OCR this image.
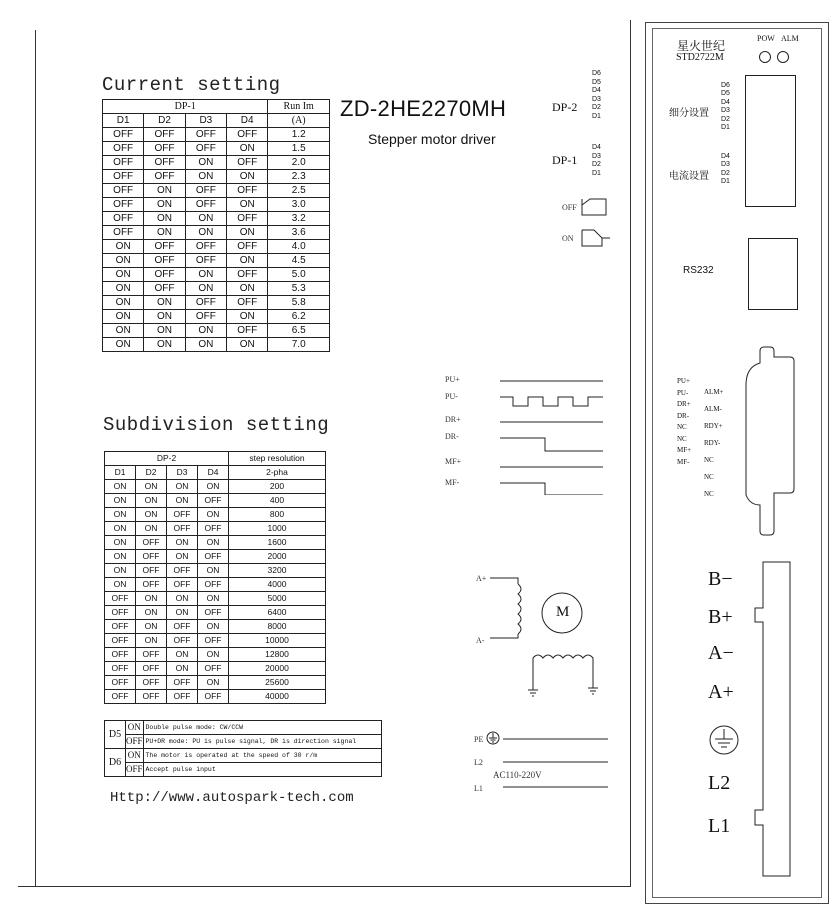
Current setting
DP-1				Run Im
D1	D2	D3	D4	(A)
OFF	OFF	OFF	OFF	1.2
OFF	OFF	OFF	ON	1.5
OFF	OFF	ON	OFF	2.0
OFF	OFF	ON	ON	2.3
OFF	ON	OFF	OFF	2.5
OFF	ON	OFF	ON	3.0
OFF	ON	ON	OFF	3.2
OFF	ON	ON	ON	3.6
ON	OFF	OFF	OFF	4.0
ON	OFF	OFF	ON	4.5
ON	OFF	ON	OFF	5.0
ON	OFF	ON	ON	5.3
ON	ON	OFF	OFF	5.8
ON	ON	OFF	ON	6.2
ON	ON	ON	OFF	6.5
ON	ON	ON	ON	7.0
ZD-2HE2270MH
Stepper motor driver
DP-2
D6
D5
D4
D3
D2
D1
DP-1
D4
D3
D2
D1
OFF
ON
PU+
PU-
DR+
DR-
MF+
MF-
A+
A-
M
PE
L2
AC110-220V
L1
Subdivision setting
DP-2				step resolution
D1	D2	D3	D4	2-pha
ON	ON	ON	ON	200
ON	ON	ON	OFF	400
ON	ON	OFF	ON	800
ON	ON	OFF	OFF	1000
ON	OFF	ON	ON	1600
ON	OFF	ON	OFF	2000
ON	OFF	OFF	ON	3200
ON	OFF	OFF	OFF	4000
OFF	ON	ON	ON	5000
OFF	ON	ON	OFF	6400
OFF	ON	OFF	ON	8000
OFF	ON	OFF	OFF	10000
OFF	OFF	ON	ON	12800
OFF	OFF	ON	OFF	20000
OFF	OFF	OFF	ON	25600
OFF	OFF	OFF	OFF	40000
D5	ON	Double pulse mode: CW/CCW
	OFF	PU+DR mode: PU is pulse signal, DR is direction signal
D6	ON	The motor is operated at the speed of 30 r/m
	OFF	Accept pulse input
Http://www.autospark-tech.com
星火世纪
STD2722M
POW ALM
D6
D5
D4
D3
D2
D1
细分设置
D4
D3
D2
D1
电流设置
RS232
PU+
PU-
DR+
DR-
NC
NC
MF+
MF-
ALM+
ALM-
RDY+
RDY-
NC
NC
NC
B−
B+
A−
A+
L2
L1
